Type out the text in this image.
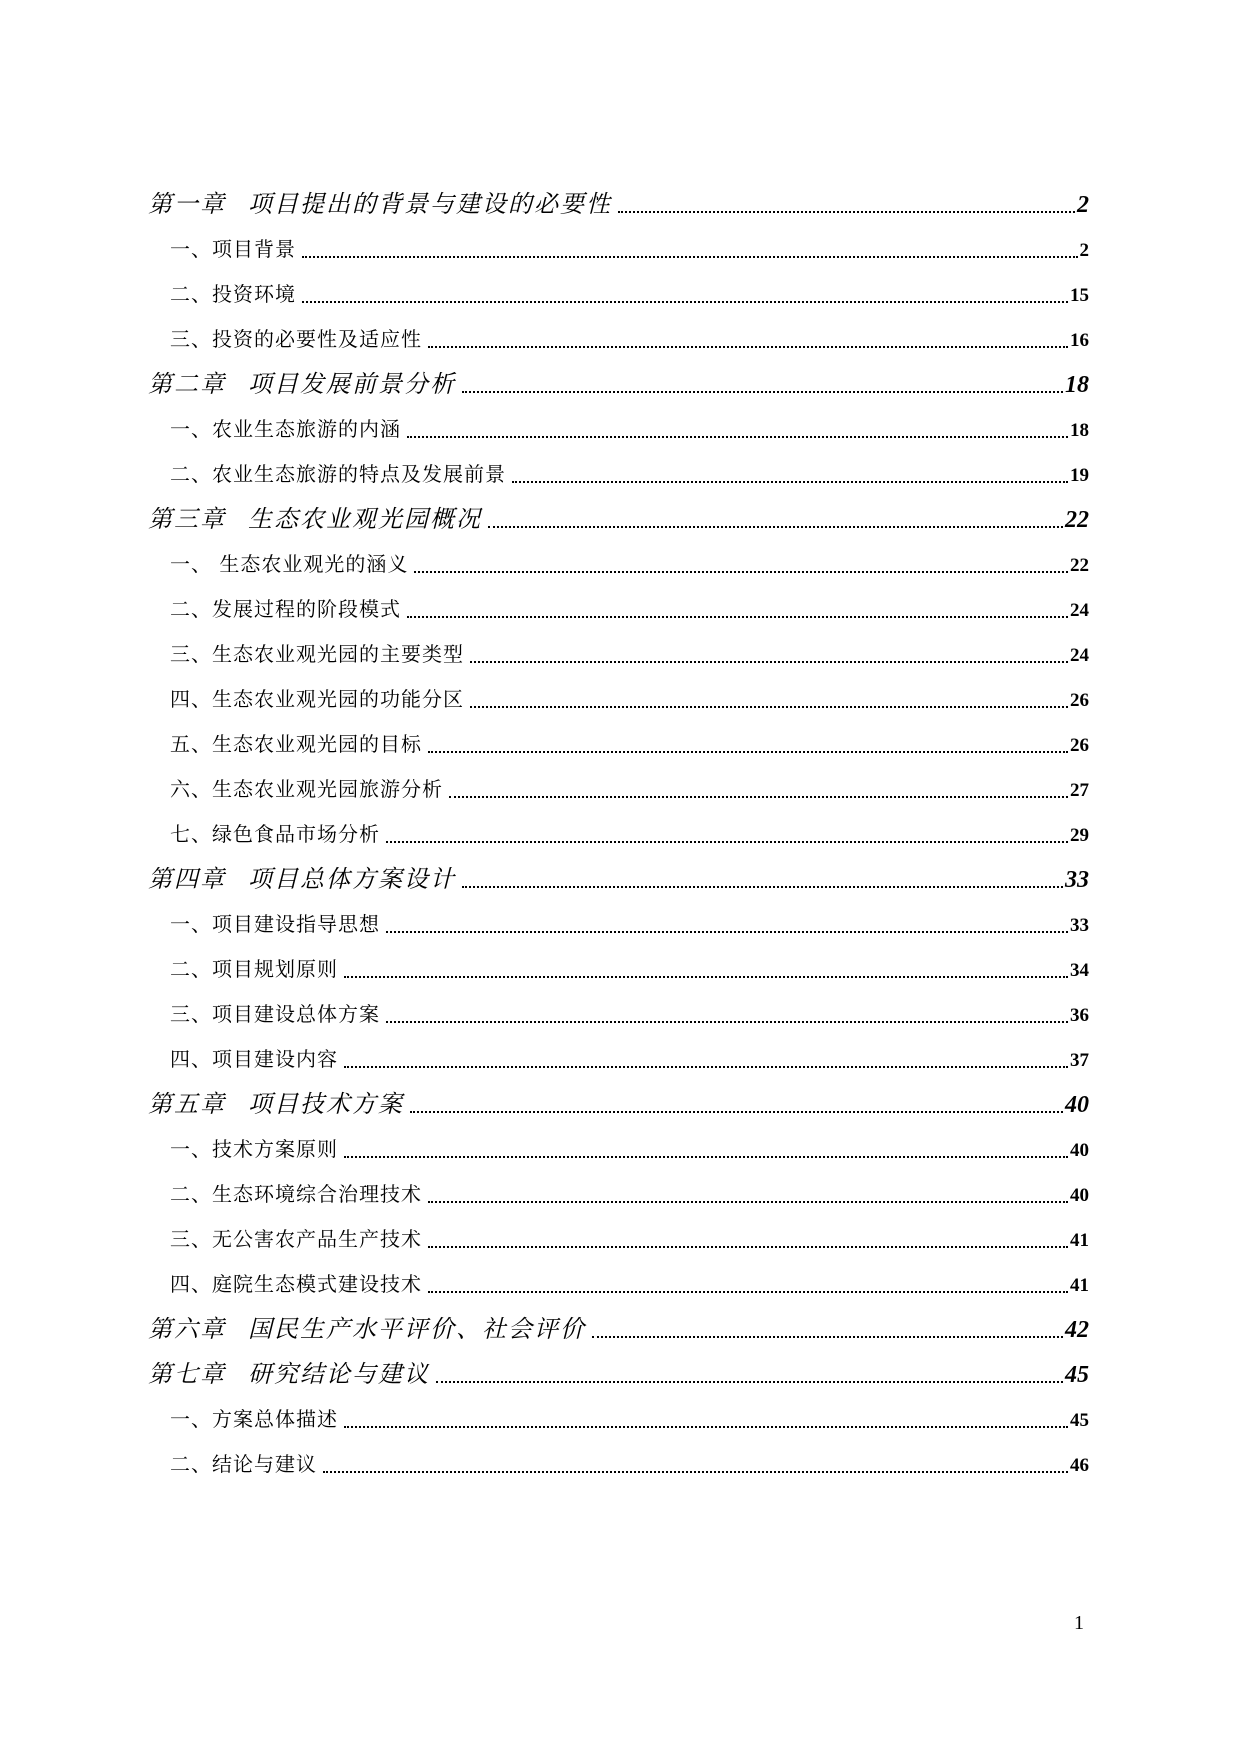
第一章 项目提出的背景与建设的必要性	2
一、项目背景	2
二、投资环境	15
三、投资的必要性及适应性	16
第二章 项目发展前景分析	18
一、农业生态旅游的内涵	18
二、农业生态旅游的特点及发展前景	19
第三章 生态农业观光园概况	22
一、 生态农业观光的涵义	22
二、发展过程的阶段模式	24
三、生态农业观光园的主要类型	24
四、生态农业观光园的功能分区	26
五、生态农业观光园的目标	26
六、生态农业观光园旅游分析	27
七、绿色食品市场分析	29
第四章 项目总体方案设计	33
一、项目建设指导思想	33
二、项目规划原则	34
三、项目建设总体方案	36
四、项目建设内容	37
第五章 项目技术方案	40
一、技术方案原则	40
二、生态环境综合治理技术	40
三、无公害农产品生产技术	41
四、庭院生态模式建设技术	41
第六章 国民生产水平评价、社会评价	42
第七章 研究结论与建议	45
一、方案总体描述	45
二、结论与建议	46
1
